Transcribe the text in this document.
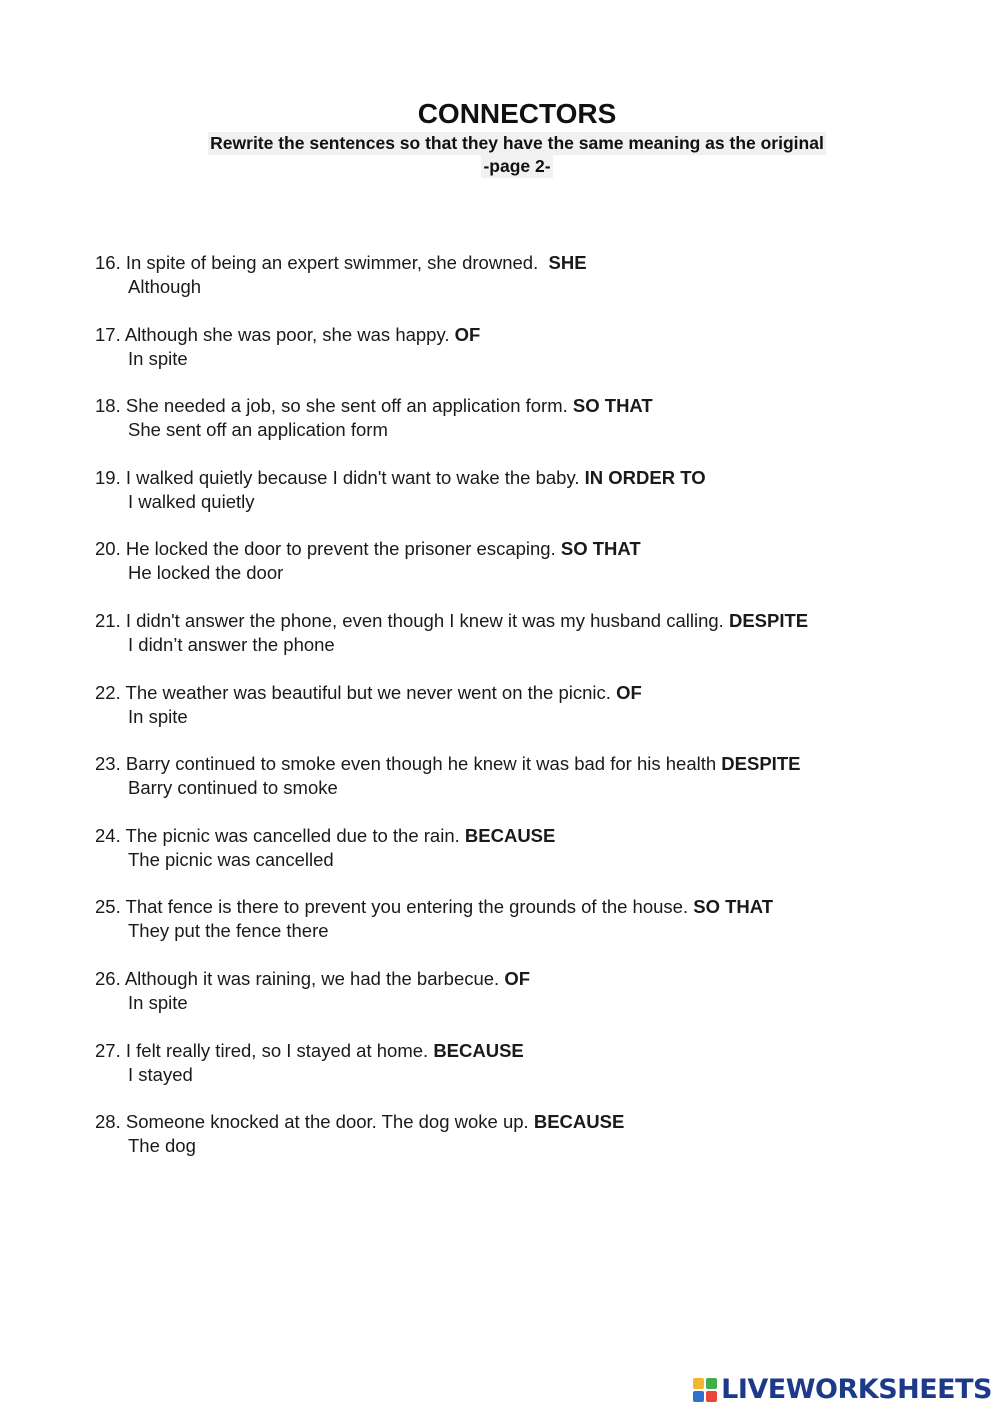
CONNECTORS
Rewrite the sentences so that they have the same meaning as the original
-page 2-
16. In spite of being an expert swimmer, she drowned. SHE
Although
17. Although she was poor, she was happy. OF
In spite
18. She needed a job, so she sent off an application form. SO THAT
She sent off an application form
19. I walked quietly because I didn't want to wake the baby. IN ORDER TO
I walked quietly
20. He locked the door to prevent the prisoner escaping. SO THAT
He locked the door
21. I didn't answer the phone, even though I knew it was my husband calling. DESPITE
I didn’t answer the phone
22. The weather was beautiful but we never went on the picnic. OF
In spite
23. Barry continued to smoke even though he knew it was bad for his health DESPITE
Barry continued to smoke
24. The picnic was cancelled due to the rain. BECAUSE
The picnic was cancelled
25. That fence is there to prevent you entering the grounds of the house. SO THAT
They put the fence there
26. Although it was raining, we had the barbecue. OF
In spite
27. I felt really tired, so I stayed at home. BECAUSE
I stayed
28. Someone knocked at the door. The dog woke up. BECAUSE
The dog
LIVEWORKSHEETS
